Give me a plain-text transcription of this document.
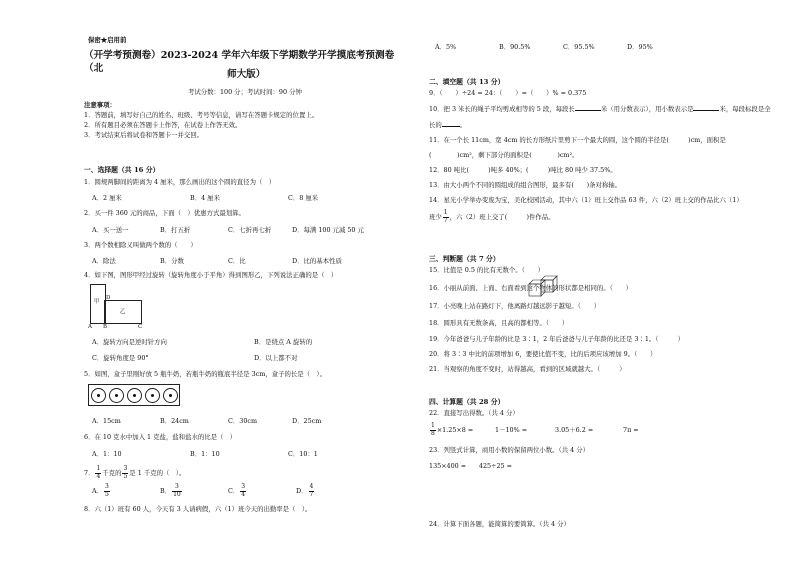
保密★启用前
（开学考预测卷）2023-2024 学年六年级下学期数学开学摸底考预测卷（北
师大版）
考试分数：100 分；考试时间：90 分钟
注意事项：
1．答题前，填写好自己的姓名、班级、考号等信息，请写在答题卡规定的位置上。
2．所有题目必须在答题卡上作答，在试卷上作答无效。
3．考试结束后将试卷和答题卡一并交回。
一、选择题（共 16 分）
1．圆规两脚间的距离为 4 厘米，那么画出的这个圆的直径为（　）
A．2 厘米	B．4 厘米	C．8 厘米
2．买一件 360 元的商品，下面（　）优惠方式最划算。
A．买一送一	B．打五折	C．七折再七折	D．每满 100 元减 50 元
3．两个数相除又叫做两个数的（　　）
A．除法	B．分数	C．比	D．比的基本性质
4．如下图，图形甲经过旋转（旋转角度小于平角）得到图形乙，下列说法正确的是（　）
甲
D
乙
A B	C
A．旋转方向是逆时针方向	B．是绕点 A 旋转的
C．旋转角度是 90°	D．以上都不对
5．如图，盒子里刚好放 5 瓶牛奶，若瓶牛奶的瓶底半径是 3cm，盒子的长是（　）。
A．15cm	B．24cm	C．30cm	D．25cm
6．在 10 克水中加入 1 克盐，盐和盐水的比是（　）
A．1：10	B．1：10	C．10：1
7． $\frac{1}{4}$ 千克的 $\frac{3}{5}$ 是 1 千克的（　）。
A． $\frac{3}{5}$	B． $\frac{3}{10}$	C． $\frac{3}{4}$	D． $\frac{4}{7}$
8．六（1）班有 60 人，今天有 3 人请病假，六（1）班今天的出勤率是（　）。
A．5%	B．90.5%	C．95.5%	D．95%
二、填空题（共 13 分）
9．（　　）÷24 = 24：（　　）=（　　）% = 0.375
10．把 3 米长的绳子平均剪成相等的 5 段，每段长	米（用分数表示），用小数表示是	米，每段标段是全
长的	。
11．在一个长 11cm，宽 4cm 的长方形纸片里剪下一个最大的圆，这个圆的半径是(　　　)cm，面积是
(　　　　)cm²，剩下部分的面积是(　　　　)cm²。
12．80 吨比(　　　)吨多 40%；(　　　)吨比 80 吨少 37.5%。
13．由大小两个不同的圆组成的组合图形，最多有(　　)条对称轴。
14．星光小学举办变废为宝，美化校园活动，其中六（1）班上交作品 63 件，六（2）班上交的作品比六（1）
班少 $\frac{1}{7}$ ，六（2）班上交了(　　　)件作品。
三、判断题（共 7 分）
15．比值是 0.5 的比有无数个。（　　）
16．小丽从前面、上面、右面看到这个物体的形状都是相同的。（　　）
17．小亮晚上站在路灯下，他离路灯越远影子越短。（　　）
18．圆形具有无数条高，且高的都相等。（　　）
19．今年爸爸与儿子年龄的比是 3∶1，2 年后爸爸与儿子年龄的比还是 3∶1。（　　　）
20．将 3∶3 中比的前项增加 6，要使比值不变，比的后项应该增加 9。（　　）
21．当观察的角度不变时，站得越高，看到的区域就越大。（　　　）
四、计算题（共 28 分）
22．直接写出得数。（共 4 分）
$\frac{1}{8} \times 1.25\times 8$ =	1－10% =	3.05＋6.2 =	7π =
23．列竖式计算，商用小数的保留两位小数。（共 4 分）
135×400 =　　425÷25 =
24．计算下面各题，能简算的要简算。（共 4 分）
